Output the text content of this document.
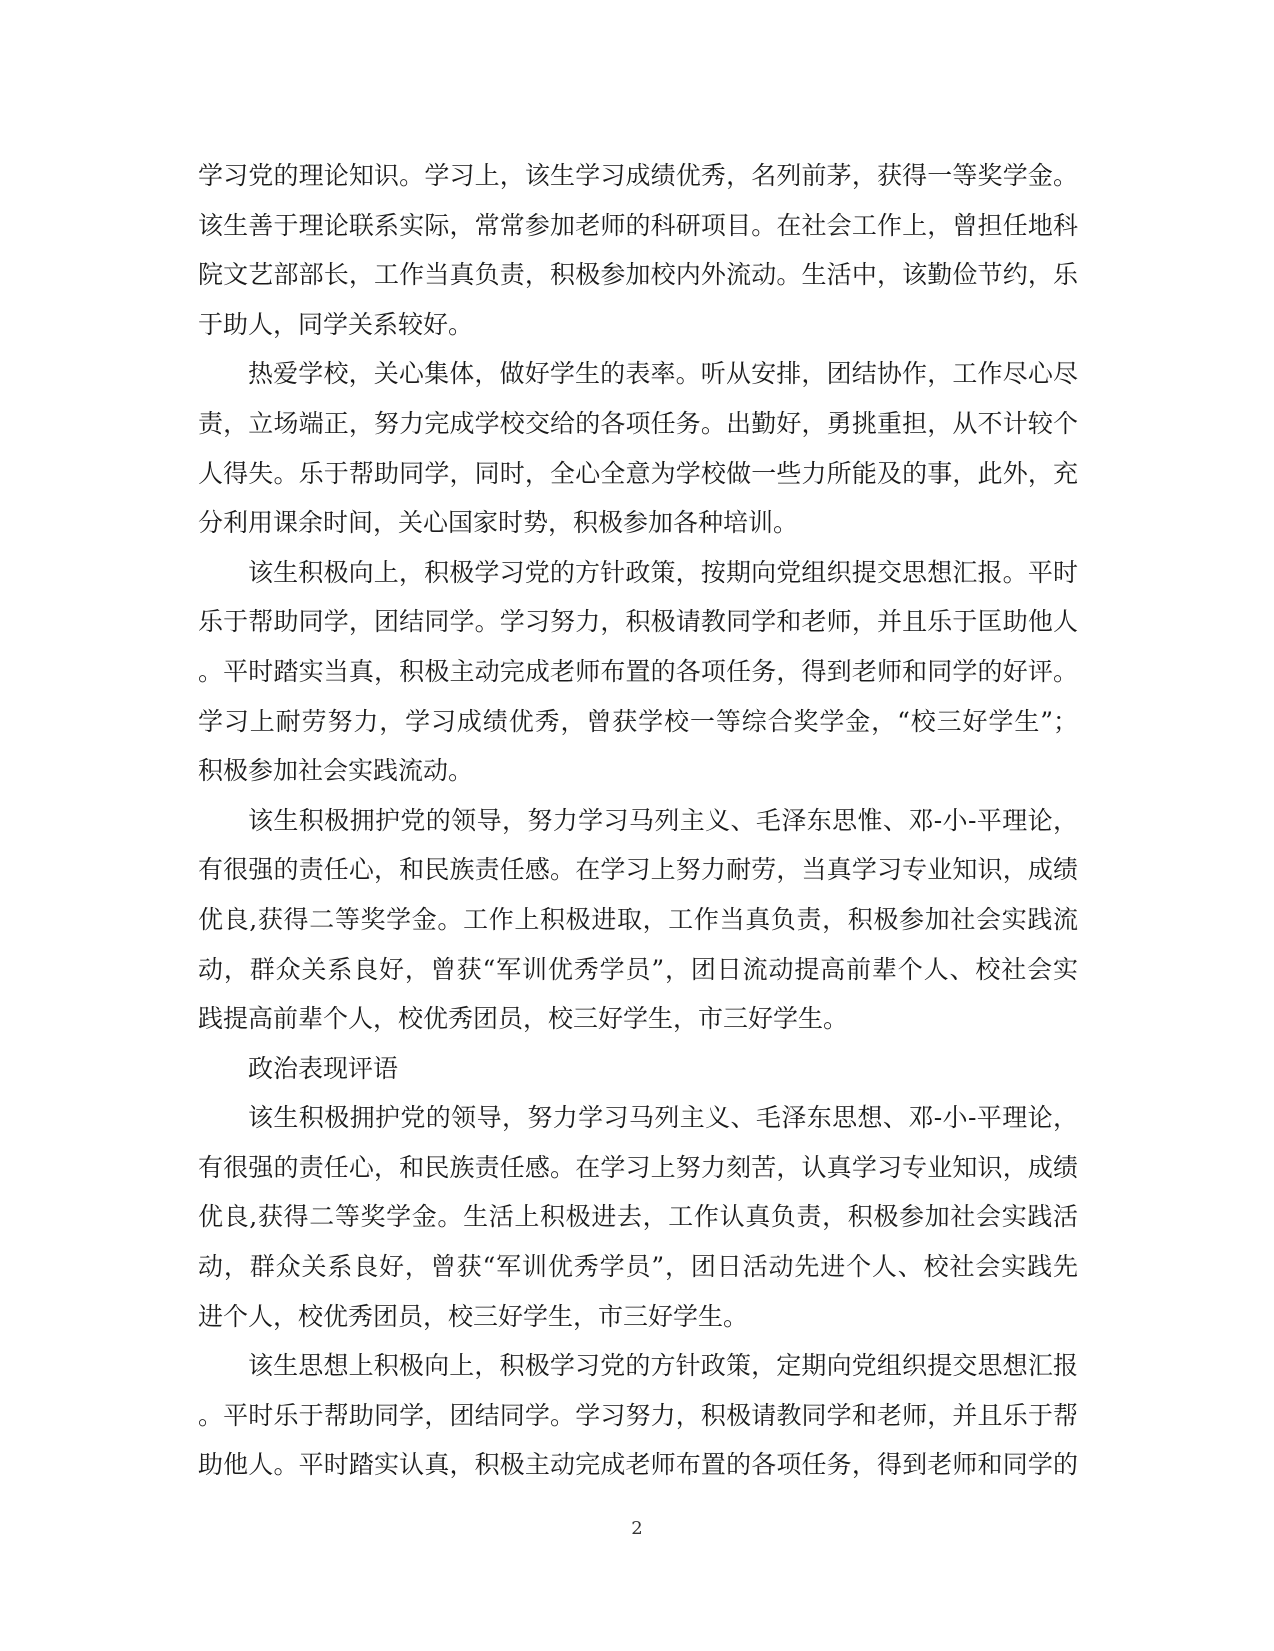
学习党的理论知识。学习上，该生学习成绩优秀，名列前茅，获得一等奖学金。
该生善于理论联系实际，常常参加老师的科研项目。在社会工作上，曾担任地科
院文艺部部长，工作当真负责，积极参加校内外流动。生活中，该勤俭节约，乐
于助人，同学关系较好。
热爱学校，关心集体，做好学生的表率。听从安排，团结协作，工作尽心尽
责，立场端正，努力完成学校交给的各项任务。出勤好，勇挑重担，从不计较个
人得失。乐于帮助同学，同时，全心全意为学校做一些力所能及的事，此外，充
分利用课余时间，关心国家时势，积极参加各种培训。
该生积极向上，积极学习党的方针政策，按期向党组织提交思想汇报。平时
乐于帮助同学，团结同学。学习努力，积极请教同学和老师，并且乐于匡助他人
。平时踏实当真，积极主动完成老师布置的各项任务，得到老师和同学的好评。
学习上耐劳努力，学习成绩优秀，曾获学校一等综合奖学金，“校三好学生”；
积极参加社会实践流动。
该生积极拥护党的领导，努力学习马列主义、毛泽东思惟、邓-小-平理论，
有很强的责任心，和民族责任感。在学习上努力耐劳，当真学习专业知识，成绩
优良,获得二等奖学金。工作上积极进取，工作当真负责，积极参加社会实践流
动，群众关系良好，曾获“军训优秀学员”，团日流动提高前辈个人、校社会实
践提高前辈个人，校优秀团员，校三好学生，市三好学生。
政治表现评语
该生积极拥护党的领导，努力学习马列主义、毛泽东思想、邓-小-平理论，
有很强的责任心，和民族责任感。在学习上努力刻苦，认真学习专业知识，成绩
优良,获得二等奖学金。生活上积极进去，工作认真负责，积极参加社会实践活
动，群众关系良好，曾获“军训优秀学员”，团日活动先进个人、校社会实践先
进个人，校优秀团员，校三好学生，市三好学生。
该生思想上积极向上，积极学习党的方针政策，定期向党组织提交思想汇报
。平时乐于帮助同学，团结同学。学习努力，积极请教同学和老师，并且乐于帮
助他人。平时踏实认真，积极主动完成老师布置的各项任务，得到老师和同学的
2
